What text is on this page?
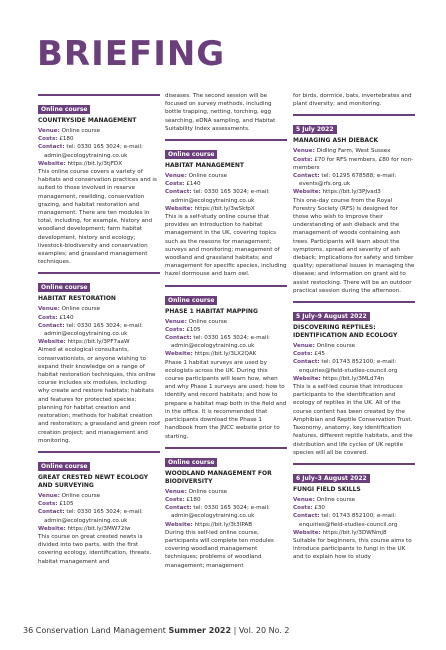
BRIEFING
Online course
COUNTRYSIDE MANAGEMENT

Venue: Online course

Costs: £180

Contact: tel: 0330 165 3024; e-mail:

admin@ecologytraining.co.uk

Website: https://bit.ly/3tjFDX

This online course covers a variety of habitats and conservation practices and is suited to those involved in reserve management, rewilding, conservation grazing, and habitat restoration and management. There are ten modules in total, including, for example, history and woodland development; farm habitat development, history and ecology; livestock-biodiversity and conservation examples; and grassland management techniques.

Online course
HABITAT RESTORATION

Venue: Online course

Costs: £140

Contact: tel: 0330 165 3024; e-mail:

admin@ecologytraining.co.uk

Website: https://bit.ly/3PF7aaW

Aimed at ecological consultants, conservationists, or anyone wishing to expand their knowledge on a range of habitat restoration techniques, this online course includes six modules, including: why create and restore habitats; habitats and features for protected species; planning for habitat creation and restoration; methods for habitat creation and restoration; a grassland and green roof creation project; and management and monitoring.

Online course
GREAT CRESTED NEWT ECOLOGY AND SURVEYING

Venue: Online course

Costs: £105

Contact: tel: 0330 165 3024; e-mail:

admin@ecologytraining.co.uk

Website: https://bit.ly/3MW72lw

This course on great crested newts is divided into two parts, with the first covering ecology, identification, threats, habitat management and

diseases. The second session will be focused on survey methods, including bottle trapping, netting, torching, egg searching, eDNA sampling, and Habitat Suitability Index assessments.

Online course
HABITAT MANAGEMENT

Venue: Online course

Costs: £140

Contact: tel: 0330 165 3024; e-mail:

admin@ecologytraining.co.uk

Website: https://bit.ly/3wSkfpX

This is a self-study online course that provides an introduction to habitat management in the UK, covering topics such as the reasons for management; surveys and monitoring; management of woodland and grassland habitats; and management for specific species, including hazel dormouse and barn owl.

Online course
PHASE 1 HABITAT MAPPING

Venue: Online course

Costs: £105

Contact: tel: 0330 165 3024; e-mail:

admin@ecologytraining.co.uk

Website: https://bit.ly/3LX2QAK

Phase 1 habitat surveys are used by ecologists across the UK. During this course participants will learn how, when and why Phase 1 surveys are used; how to identify and record habitats; and how to prepare a habitat map both in the field and in the office. It is recommended that participants download the Phase 1 handbook from the JNCC website prior to starting.

Online course
WOODLAND MANAGEMENT FOR BIODIVERSITY

Venue: Online course

Costs: £180

Contact: tel: 0330 165 3024; e-mail:

admin@ecologytraining.co.uk

Website: https://bit.ly/3t3IPAB

During this self-led online course, participants will complete ten modules covering woodland management techniques; problems of woodland management; management

for birds, dormice, bats, invertebrates and plant diversity; and monitoring.

5 July 2022
MANAGING ASH DIEBACK

Venue: Didling Farm, West Sussex

Costs: £70 for RFS members, £80 for non-members

Contact: tel: 01295 678588; e-mail:

events@rfs.org.uk

Website: https://bit.ly/3PJvad3

This one-day course from the Royal Forestry Society (RFS) is designed for those who wish to improve their understanding of ash dieback and the management of woods containing ash trees. Participants will learn about the symptoms, spread and severity of ash dieback; implications for safety and timber quality; operational issues in managing the disease; and information on grant aid to assist restocking. There will be an outdoor practical session during the afternoon.

5 July–9 August 2022
DISCOVERING REPTILES: IDENTIFICATION AND ECOLOGY

Venue: Online course

Costs: £45

Contact: tel: 01743 852100; e-mail:

enquiries@field-studies-council.org

Website: https://bit.ly/3MLd74n

This is a self-led course that introduces participants to the identification and ecology of reptiles in the UK. All of the course content has been created by the Amphibian and Reptile Conservation Trust. Taxonomy, anatomy, key identification features, different reptile habitats, and the distribution and life cycles of UK reptile species will all be covered.

6 July–3 August 2022
FUNGI FIELD SKILLS

Venue: Online course

Costs: £30

Contact: tel: 01743 852100; e-mail:

enquiries@field-studies-council.org

Website: https://bit.ly/3DWNmj8

Suitable for beginners, this course aims to introduce participants to fungi in the UK and to explain how to study

36 Conservation Land Management Summer 2022 | Vol. 20 No. 2
